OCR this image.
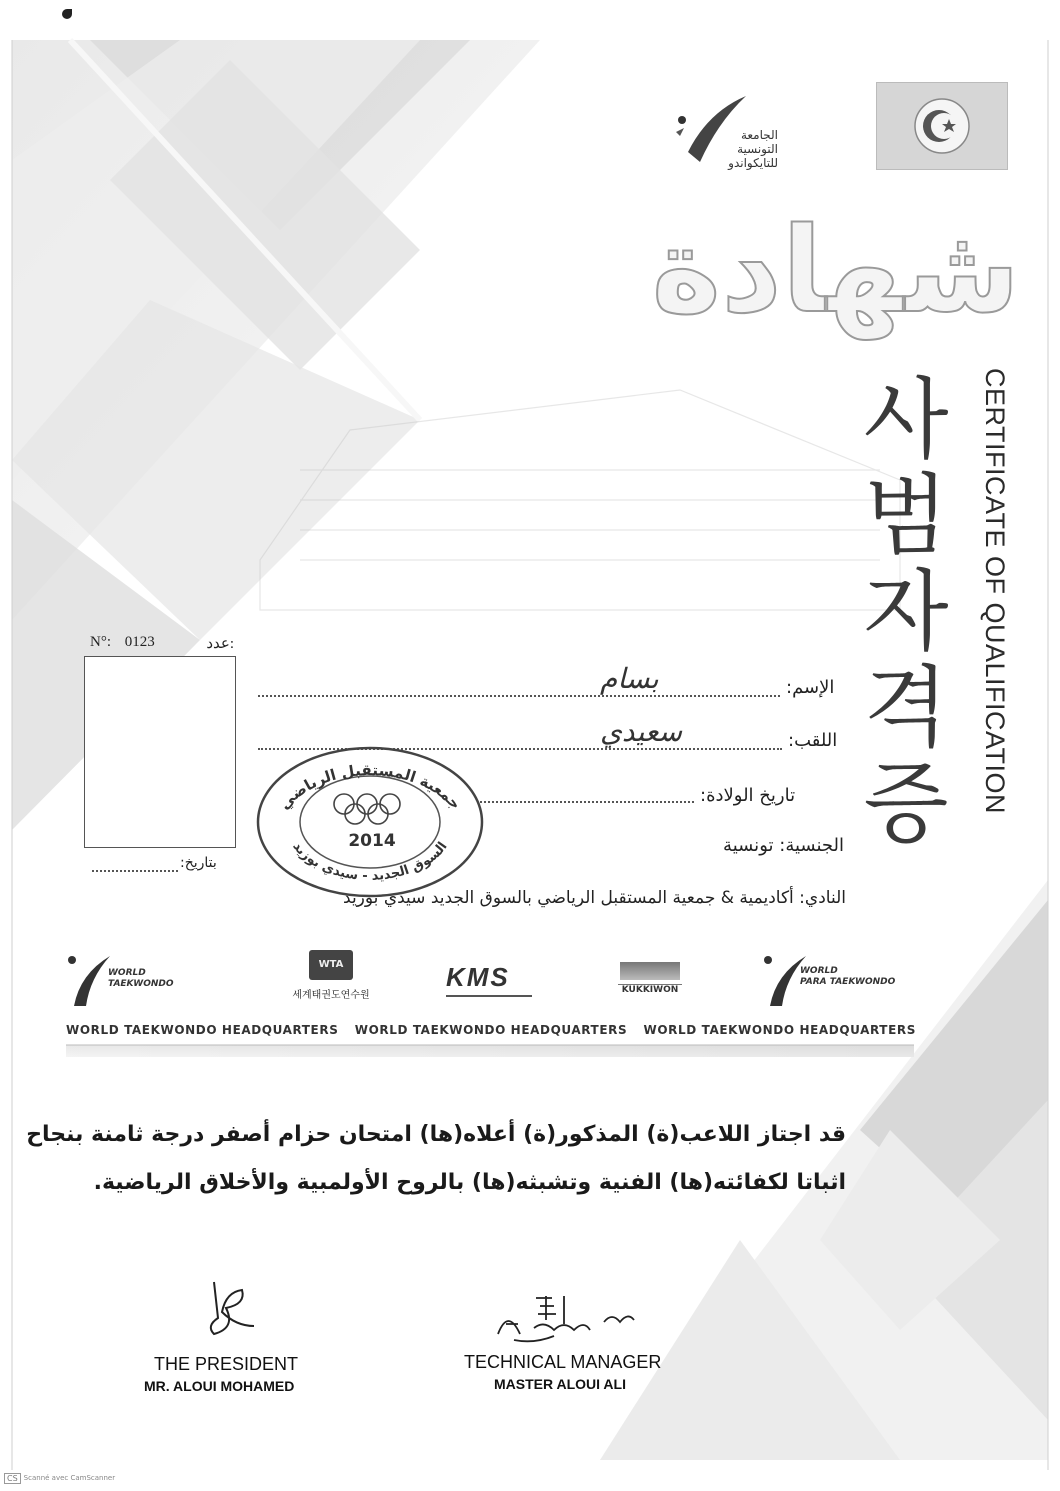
الجامعة
التونسية
للتايكواندو
شهادة
CERTIFICATE OF QUALIFICATION
사
범
자
격
증
N°: 0123	عدد:
بتاريخ:
الإسم:
بسام
اللقب:
سعيدي
تاريخ الولادة:
الجنسية: تونسية
النادي: أكاديمية & جمعية المستقبل الرياضي بالسوق الجديد سيدي بوزيد
جمعية المستقبل الرياضي
السوق الجديد - سيدي بوزيد
2014
WORLD
TAEKWONDO
WTA
세계태권도연수원
KMS	KUKKIWON
WORLD
PARA TAEKWONDO
WORLD TAEKWONDO HEADQUARTERS WORLD TAEKWONDO HEADQUARTERS WORLD TAEKWONDO HEADQUARTERS
قد اجتاز اللاعب(ة) المذكور(ة) أعلاه(ها) امتحان حزام أصفر درجة ثامنة بنجاح
اثباتا لكفائته(ها) الفنية وتشبثه(ها) بالروح الأولمبية والأخلاق الرياضية.
THE PRESIDENT
MR. ALOUI MOHAMED
TECHNICAL MANAGER
MASTER ALOUI ALI
CS Scanné avec CamScanner
